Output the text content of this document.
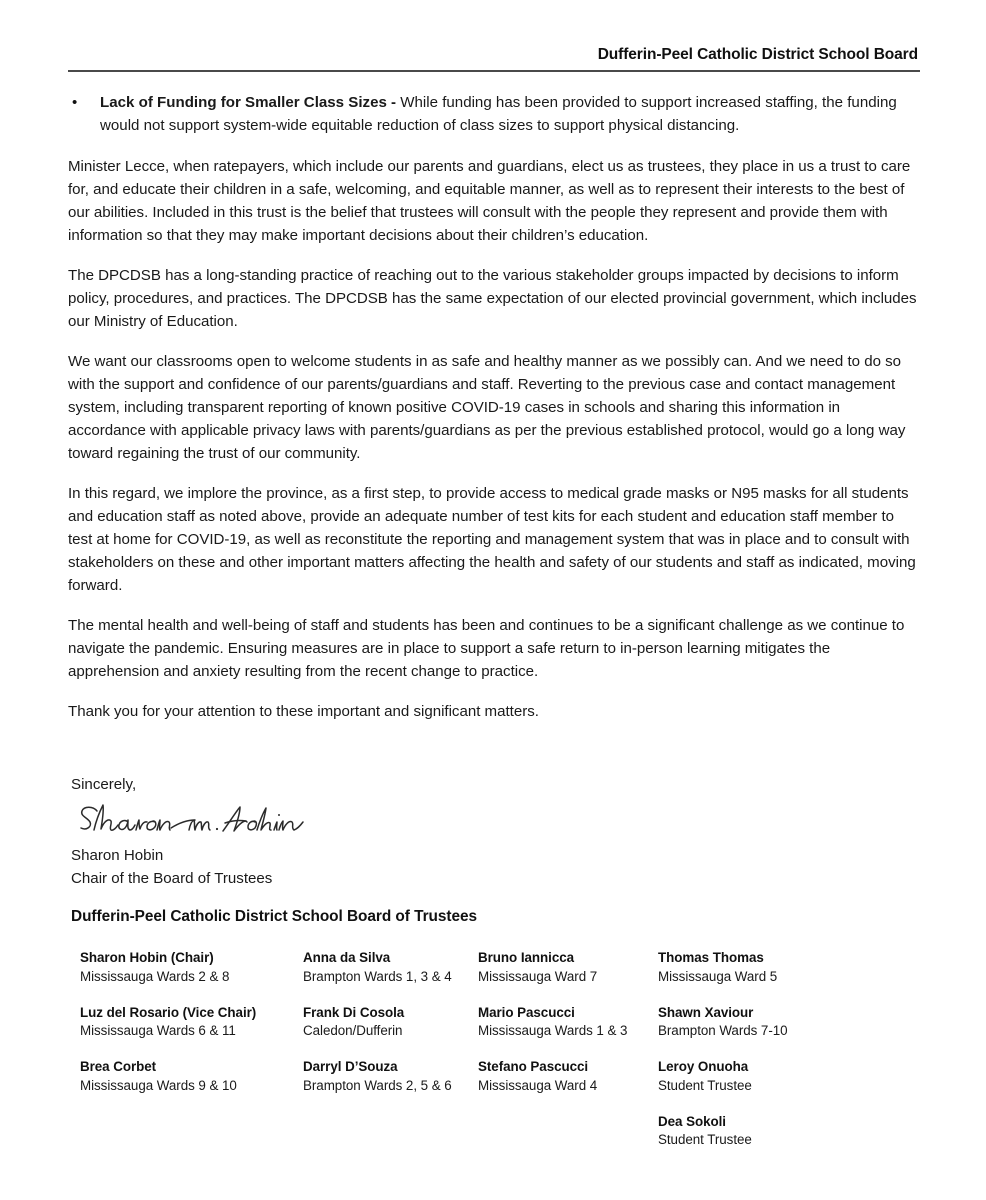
Dufferin-Peel Catholic District School Board
•	Lack of Funding for Smaller Class Sizes - While funding has been provided to support increased staffing, the funding would not support system-wide equitable reduction of class sizes to support physical distancing.

Minister Lecce, when ratepayers, which include our parents and guardians, elect us as trustees, they place in us a trust to care for, and educate their children in a safe, welcoming, and equitable manner, as well as to represent their interests to the best of our abilities. Included in this trust is the belief that trustees will consult with the people they represent and provide them with information so that they may make important decisions about their children’s education.

The DPCDSB has a long-standing practice of reaching out to the various stakeholder groups impacted by decisions to inform policy, procedures, and practices. The DPCDSB has the same expectation of our elected provincial government, which includes our Ministry of Education.

We want our classrooms open to welcome students in as safe and healthy manner as we possibly can. And we need to do so with the support and confidence of our parents/guardians and staff. Reverting to the previous case and contact management system, including transparent reporting of known positive COVID-19 cases in schools and sharing this information in accordance with applicable privacy laws with parents/guardians as per the previous established protocol, would go a long way toward regaining the trust of our community.

In this regard, we implore the province, as a first step, to provide access to medical grade masks or N95 masks for all students and education staff as noted above, provide an adequate number of test kits for each student and education staff member to test at home for COVID-19, as well as reconstitute the reporting and management system that was in place and to consult with stakeholders on these and other important matters affecting the health and safety of our students and staff as indicated, moving forward.

The mental health and well-being of staff and students has been and continues to be a significant challenge as we continue to navigate the pandemic. Ensuring measures are in place to support a safe return to in-person learning mitigates the apprehension and anxiety resulting from the recent change to practice.

Thank you for your attention to these important and significant matters.

Sincerely,
Sharon Hobin
Chair of the Board of Trustees
Dufferin-Peel Catholic District School Board of Trustees
Sharon Hobin (Chair)
Mississauga Wards 2 & 8
Luz del Rosario (Vice Chair)
Mississauga Wards 6 & 11
Brea Corbet
Mississauga Wards 9 & 10
Anna da Silva
Brampton Wards 1, 3 & 4
Frank Di Cosola
Caledon/Dufferin
Darryl D’Souza
Brampton Wards 2, 5 & 6
Bruno Iannicca
Mississauga Ward 7
Mario Pascucci
Mississauga Wards 1 & 3
Stefano Pascucci
Mississauga Ward 4
Thomas Thomas
Mississauga Ward 5
Shawn Xaviour
Brampton Wards 7-10
Leroy Onuoha
Student Trustee
Dea Sokoli
Student Trustee
